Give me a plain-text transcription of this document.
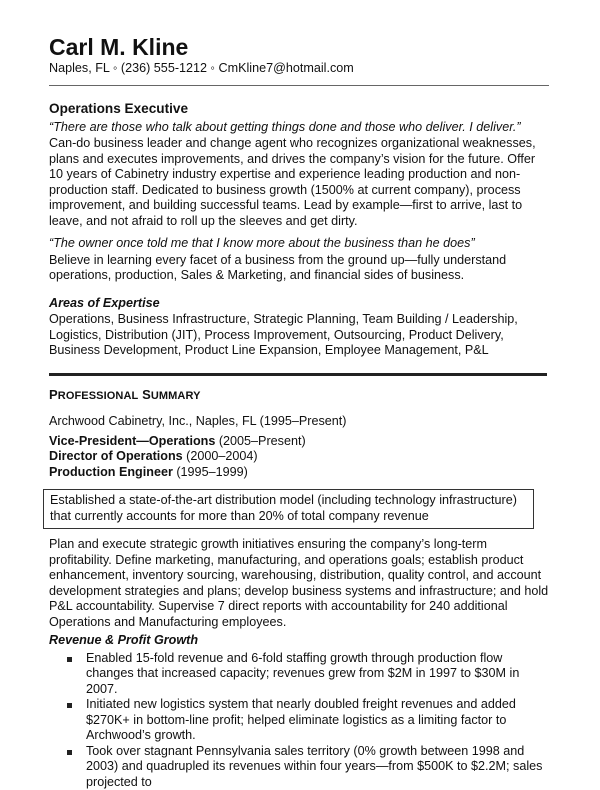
Carl M. Kline
Naples, FL ◦ (236) 555-1212 ◦ CmKline7@hotmail.com
Operations Executive
“There are those who talk about getting things done and those who deliver. I deliver.”
Can-do business leader and change agent who recognizes organizational weaknesses, plans and executes improvements, and drives the company’s vision for the future. Offer 10 years of Cabinetry industry expertise and experience leading production and non-production staff. Dedicated to business growth (1500% at current company), process improvement, and building successful teams. Lead by example—first to arrive, last to leave, and not afraid to roll up the sleeves and get dirty.
“The owner once told me that I know more about the business than he does”
Believe in learning every facet of a business from the ground up—fully understand operations, production, Sales & Marketing, and financial sides of business.
Areas of Expertise
Operations, Business Infrastructure, Strategic Planning, Team Building / Leadership, Logistics, Distribution (JIT), Process Improvement, Outsourcing, Product Delivery, Business Development, Product Line Expansion, Employee Management, P&L
PROFESSIONAL SUMMARY
Archwood Cabinetry, Inc., Naples, FL (1995–Present)
Vice-President—Operations (2005–Present)
Director of Operations (2000–2004)
Production Engineer (1995–1999)
Established a state-of-the-art distribution model (including technology infrastructure) that currently accounts for more than 20% of total company revenue
Plan and execute strategic growth initiatives ensuring the company’s long-term profitability. Define marketing, manufacturing, and operations goals; establish product enhancement, inventory sourcing, warehousing, distribution, quality control, and account development strategies and plans; develop business systems and infrastructure; and hold P&L accountability. Supervise 7 direct reports with accountability for 240 additional Operations and Manufacturing employees.
Revenue & Profit Growth
Enabled 15-fold revenue and 6-fold staffing growth through production flow changes that increased capacity; revenues grew from $2M in 1997 to $30M in 2007.
Initiated new logistics system that nearly doubled freight revenues and added $270K+ in bottom-line profit; helped eliminate logistics as a limiting factor to Archwood’s growth.
Took over stagnant Pennsylvania sales territory (0% growth between 1998 and 2003) and quadrupled its revenues within four years—from $500K to $2.2M; sales projected to
